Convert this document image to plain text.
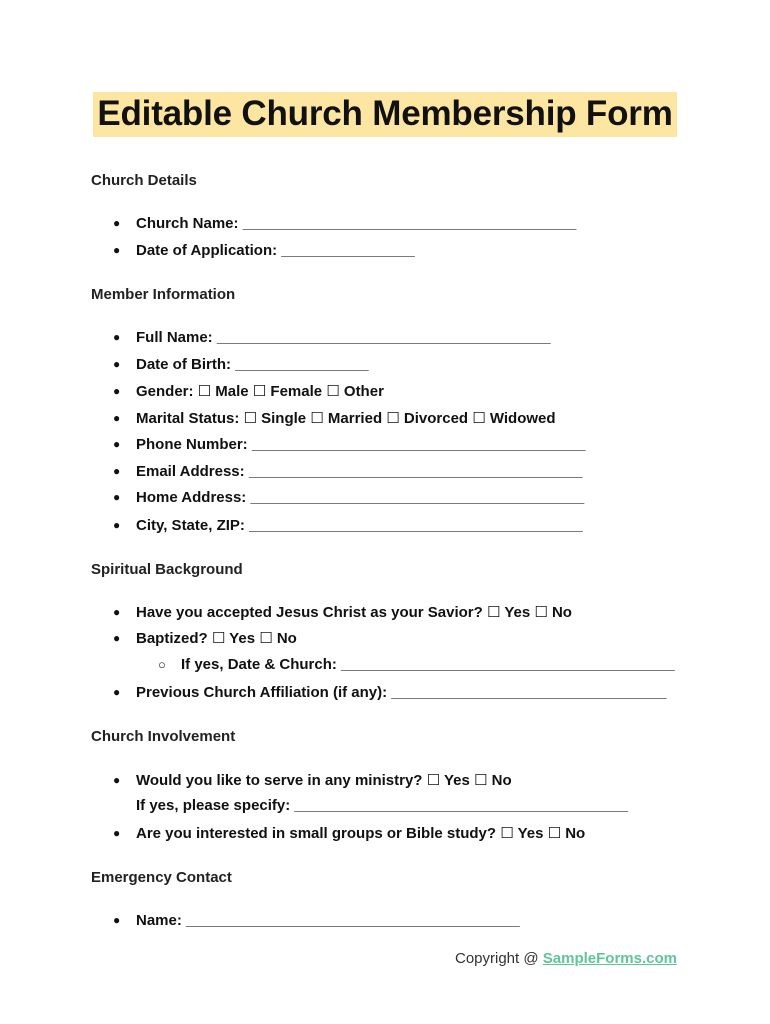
Editable Church Membership Form
Church Details
● Church Name: ________________________________________
● Date of Application: ________________
Member Information
● Full Name: ________________________________________
● Date of Birth: ________________
● Gender: ☐ Male ☐ Female ☐ Other
● Marital Status: ☐ Single ☐ Married ☐ Divorced ☐ Widowed
● Phone Number: ________________________________________
● Email Address: ________________________________________
● Home Address: ________________________________________
● City, State, ZIP: ________________________________________
Spiritual Background
● Have you accepted Jesus Christ as your Savior? ☐ Yes ☐ No
● Baptized? ☐ Yes ☐ No
○ If yes, Date & Church: ________________________________________
● Previous Church Affiliation (if any): _________________________________
Church Involvement
● Would you like to serve in any ministry? ☐ Yes ☐ No
If yes, please specify: ________________________________________
● Are you interested in small groups or Bible study? ☐ Yes ☐ No
Emergency Contact
● Name: ________________________________________
Copyright @ SampleForms.com
